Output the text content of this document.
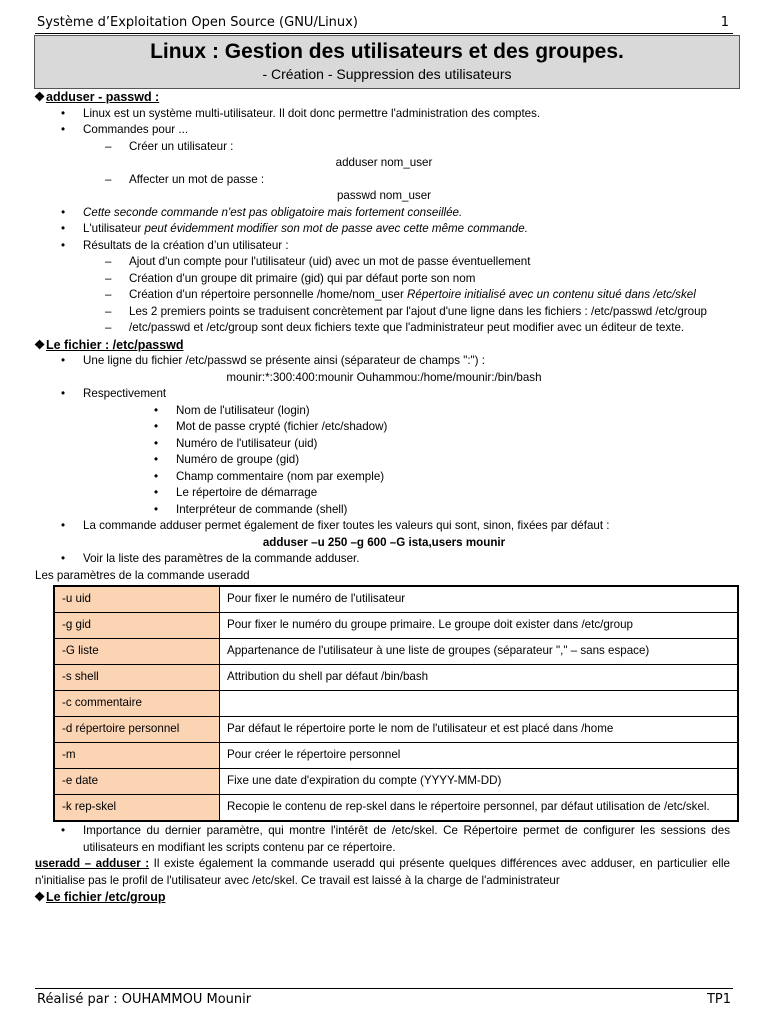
Système d’Exploitation Open Source (GNU/Linux)	1
Linux : Gestion des utilisateurs et des groupes.
- Création - Suppression des utilisateurs
❖adduser - passwd :
• Linux est un système multi-utilisateur. Il doit donc permettre l'administration des comptes.
• Commandes pour ...
– Créer un utilisateur :
adduser nom_user
– Affecter un mot de passe :
passwd nom_user
• Cette seconde commande n'est pas obligatoire mais fortement conseillée.
• L'utilisateur peut évidemment modifier son mot de passe avec cette même commande.
• Résultats de la création d’un utilisateur :
– Ajout d'un compte pour l'utilisateur (uid) avec un mot de passe éventuellement
– Création d'un groupe dit primaire (gid) qui par défaut porte son nom
– Création d'un répertoire personnelle /home/nom_user Répertoire initialisé avec un contenu situé dans /etc/skel
– Les 2 premiers points se traduisent concrètement par l'ajout d'une ligne dans les fichiers : /etc/passwd /etc/group
– /etc/passwd et /etc/group sont deux fichiers texte que l'administrateur peut modifier avec un éditeur de texte.
❖Le fichier : /etc/passwd
• Une ligne du fichier /etc/passwd se présente ainsi (séparateur de champs ":") :
mounir:*:300:400:mounir Ouhammou:/home/mounir:/bin/bash
• Respectivement
• Nom de l'utilisateur (login)
• Mot de passe crypté (fichier /etc/shadow)
• Numéro de l'utilisateur (uid)
• Numéro de groupe (gid)
• Champ commentaire (nom par exemple)
• Le répertoire de démarrage
• Interpréteur de commande (shell)
• La commande adduser permet également de fixer toutes les valeurs qui sont, sinon, fixées par défaut :
adduser –u 250 –g 600 –G ista,users mounir
• Voir la liste des paramètres de la commande adduser.
Les paramètres de la commande useradd
-u uid	Pour fixer le numéro de l'utilisateur
-g gid	Pour fixer le numéro du groupe primaire. Le groupe doit exister dans /etc/group
-G liste	Appartenance de l'utilisateur à une liste de groupes (séparateur "," – sans espace)
-s shell	Attribution du shell par défaut /bin/bash
-c commentaire	
-d répertoire personnel	Par défaut le répertoire porte le nom de l'utilisateur et est placé dans /home
-m	Pour créer le répertoire personnel
-e date	Fixe une date d'expiration du compte (YYYY-MM-DD)
-k rep-skel	Recopie le contenu de rep-skel dans le répertoire personnel, par défaut utilisation de /etc/skel.
• Importance du dernier paramètre, qui montre l'intérêt de /etc/skel. Ce Répertoire permet de configurer les sessions des utilisateurs en modifiant les scripts contenu par ce répertoire.
useradd – adduser : Il existe également la commande useradd qui présente quelques différences avec adduser, en particulier elle n'initialise pas le profil de l'utilisateur avec /etc/skel. Ce travail est laissé à la charge de l'administrateur
❖Le fichier /etc/group
Réalisé par : OUHAMMOU Mounir	TP1
